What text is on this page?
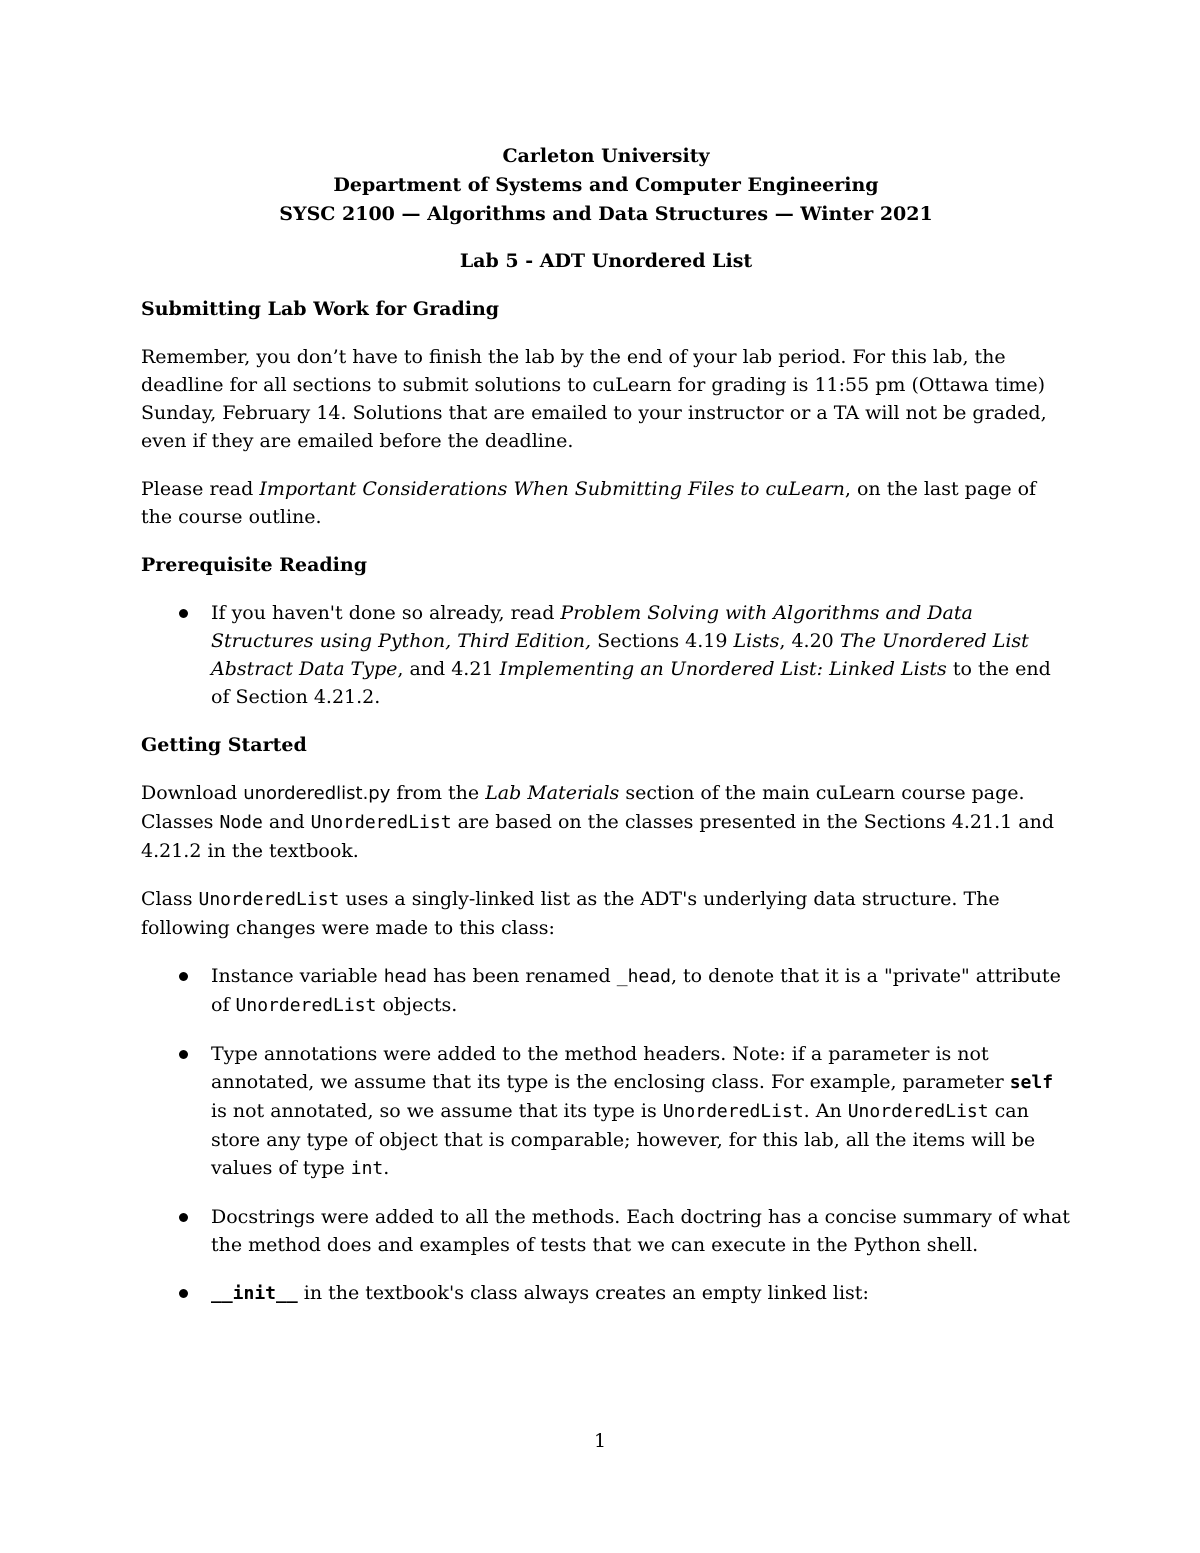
Carleton University
Department of Systems and Computer Engineering
SYSC 2100 — Algorithms and Data Structures — Winter 2021
Lab 5 - ADT Unordered List
Submitting Lab Work for Grading

Remember, you don’t have to finish the lab by the end of your lab period. For this lab, the deadline for all sections to submit solutions to cuLearn for grading is 11:55 pm (Ottawa time) Sunday, February 14. Solutions that are emailed to your instructor or a TA will not be graded, even if they are emailed before the deadline.

Please read Important Considerations When Submitting Files to cuLearn, on the last page of the course outline.

Prerequisite Reading
If you haven't done so already, read Problem Solving with Algorithms and Data Structures using Python, Third Edition, Sections 4.19 Lists, 4.20 The Unordered List Abstract Data Type, and 4.21 Implementing an Unordered List: Linked Lists to the end of Section 4.21.2.
Getting Started

Download unorderedlist.py from the Lab Materials section of the main cuLearn course page. Classes Node and UnorderedList are based on the classes presented in the Sections 4.21.1 and 4.21.2 in the textbook.

Class UnorderedList uses a singly-linked list as the ADT's underlying data structure. The following changes were made to this class:

Instance variable head has been renamed _head, to denote that it is a "private" attribute of UnorderedList objects.
Type annotations were added to the method headers. Note: if a parameter is not annotated, we assume that its type is the enclosing class. For example, parameter self is not annotated, so we assume that its type is UnorderedList. An UnorderedList can store any type of object that is comparable; however, for this lab, all the items will be values of type int.
Docstrings were added to all the methods. Each doctring has a concise summary of what the method does and examples of tests that we can execute in the Python shell.
__init__ in the textbook's class always creates an empty linked list:
1
